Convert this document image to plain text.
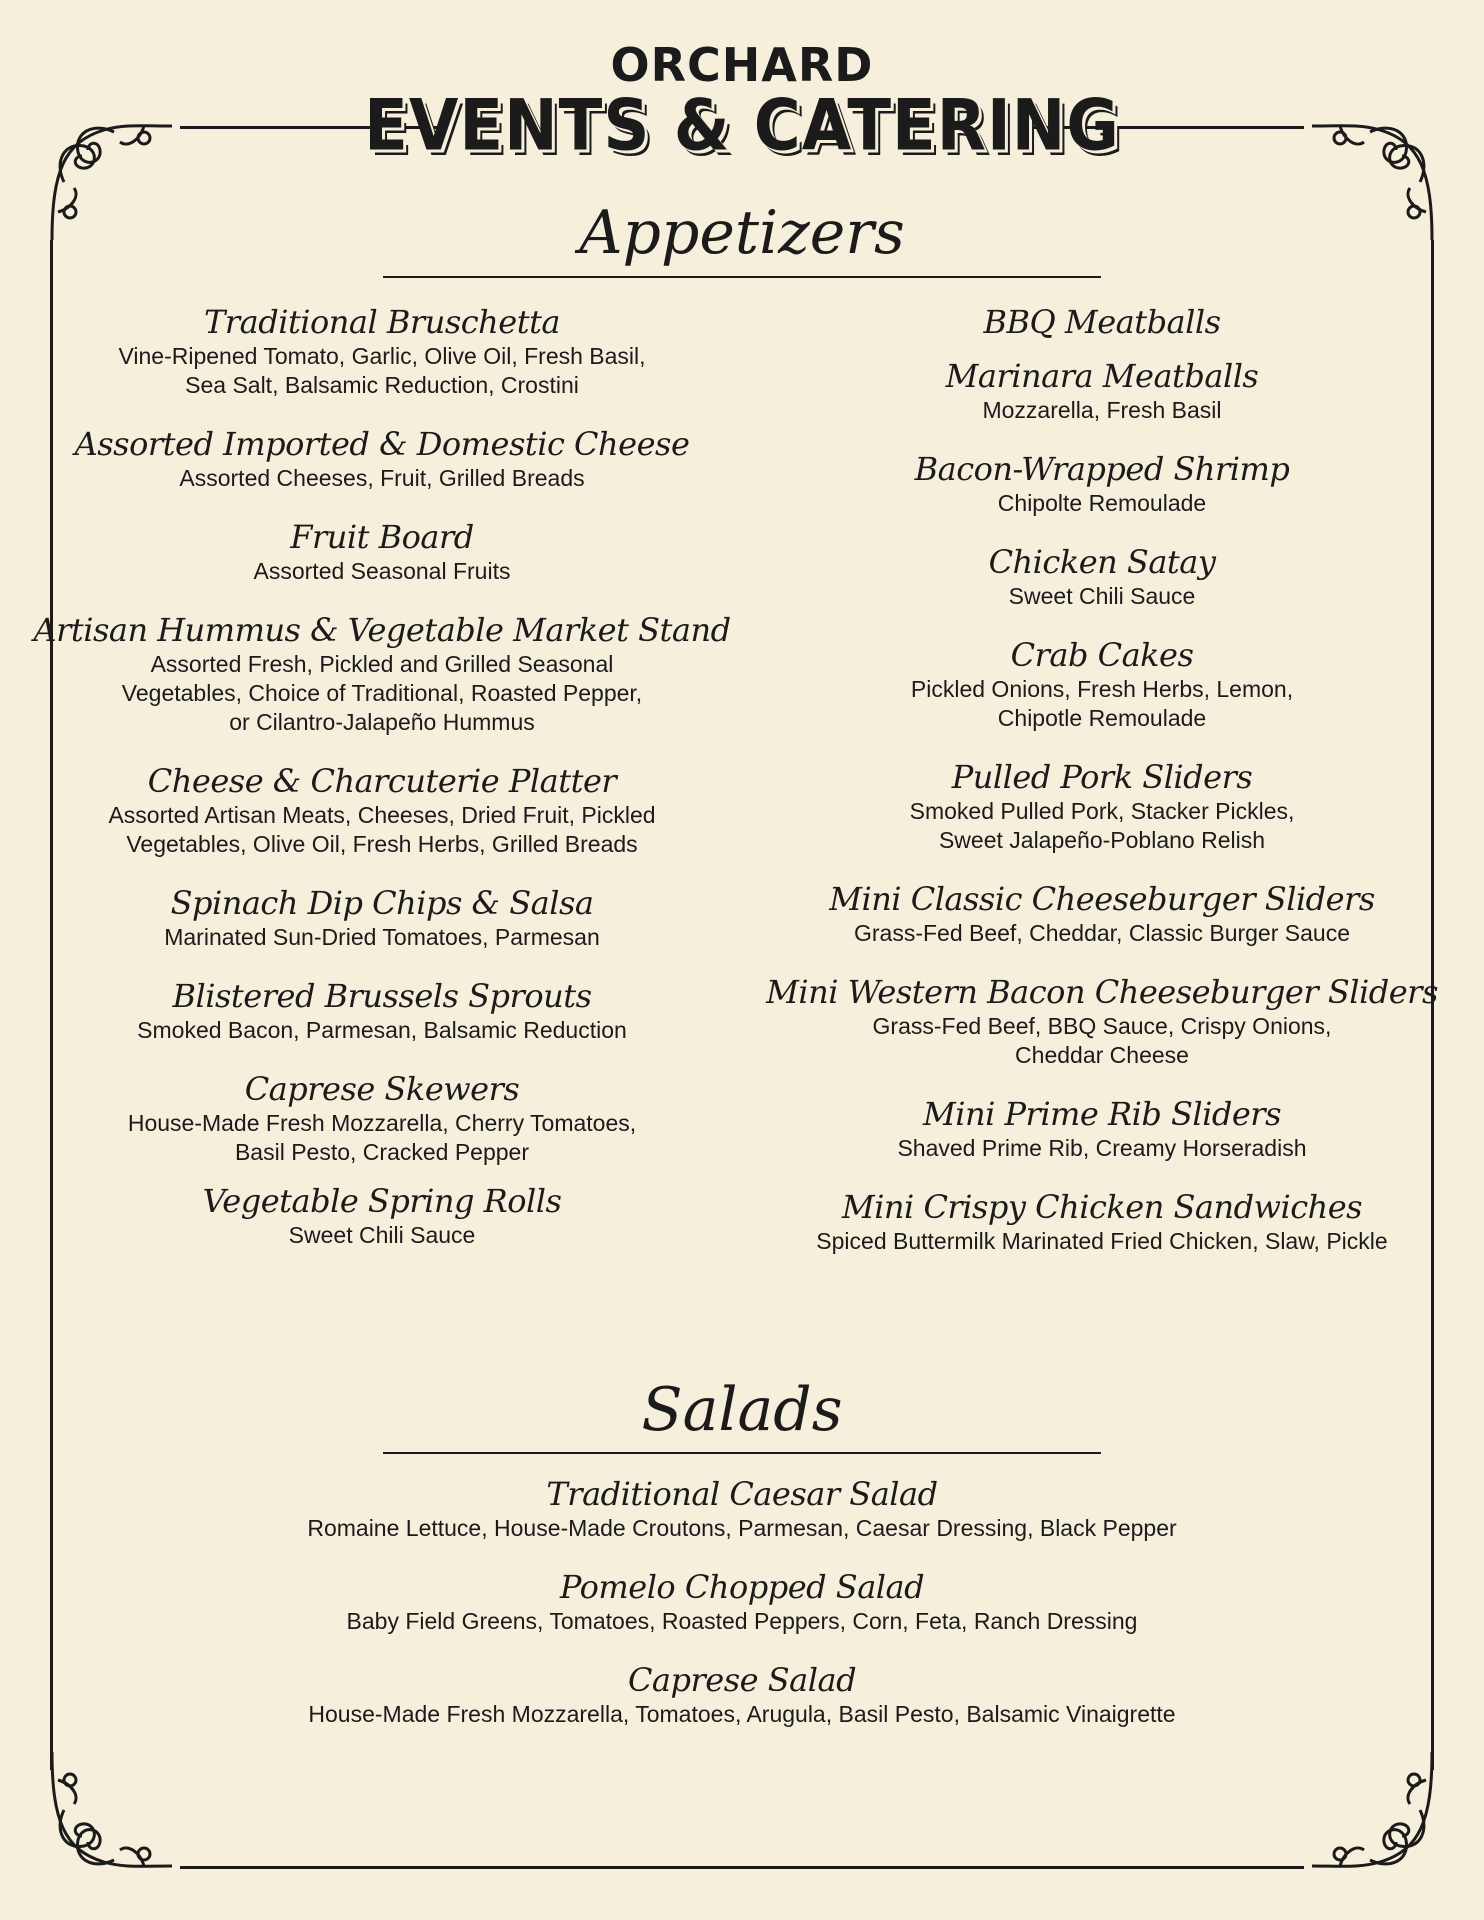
ORCHARD
EVENTS & CATERING
Appetizers
Traditional Bruschetta
Vine-Ripened Tomato, Garlic, Olive Oil, Fresh Basil,
Sea Salt, Balsamic Reduction, Crostini
Assorted Imported & Domestic Cheese
Assorted Cheeses, Fruit, Grilled Breads
Fruit Board
Assorted Seasonal Fruits
Artisan Hummus & Vegetable Market Stand
Assorted Fresh, Pickled and Grilled Seasonal
Vegetables, Choice of Traditional, Roasted Pepper,
or Cilantro-Jalapeño Hummus
Cheese & Charcuterie Platter
Assorted Artisan Meats, Cheeses, Dried Fruit, Pickled
Vegetables, Olive Oil, Fresh Herbs, Grilled Breads
Spinach Dip Chips & Salsa
Marinated Sun-Dried Tomatoes, Parmesan
Blistered Brussels Sprouts
Smoked Bacon, Parmesan, Balsamic Reduction
Caprese Skewers
House-Made Fresh Mozzarella, Cherry Tomatoes,
Basil Pesto, Cracked Pepper
Vegetable Spring Rolls
Sweet Chili Sauce
BBQ Meatballs
Marinara Meatballs
Mozzarella, Fresh Basil
Bacon-Wrapped Shrimp
Chipolte Remoulade
Chicken Satay
Sweet Chili Sauce
Crab Cakes
Pickled Onions, Fresh Herbs, Lemon,
Chipotle Remoulade
Pulled Pork Sliders
Smoked Pulled Pork, Stacker Pickles,
Sweet Jalapeño-Poblano Relish
Mini Classic Cheeseburger Sliders
Grass-Fed Beef, Cheddar, Classic Burger Sauce
Mini Western Bacon Cheeseburger Sliders
Grass-Fed Beef, BBQ Sauce, Crispy Onions,
Cheddar Cheese
Mini Prime Rib Sliders
Shaved Prime Rib, Creamy Horseradish
Mini Crispy Chicken Sandwiches
Spiced Buttermilk Marinated Fried Chicken, Slaw, Pickle
Salads
Traditional Caesar Salad
Romaine Lettuce, House-Made Croutons, Parmesan, Caesar Dressing, Black Pepper
Pomelo Chopped Salad
Baby Field Greens, Tomatoes, Roasted Peppers, Corn, Feta, Ranch Dressing
Caprese Salad
House-Made Fresh Mozzarella, Tomatoes, Arugula, Basil Pesto, Balsamic Vinaigrette
